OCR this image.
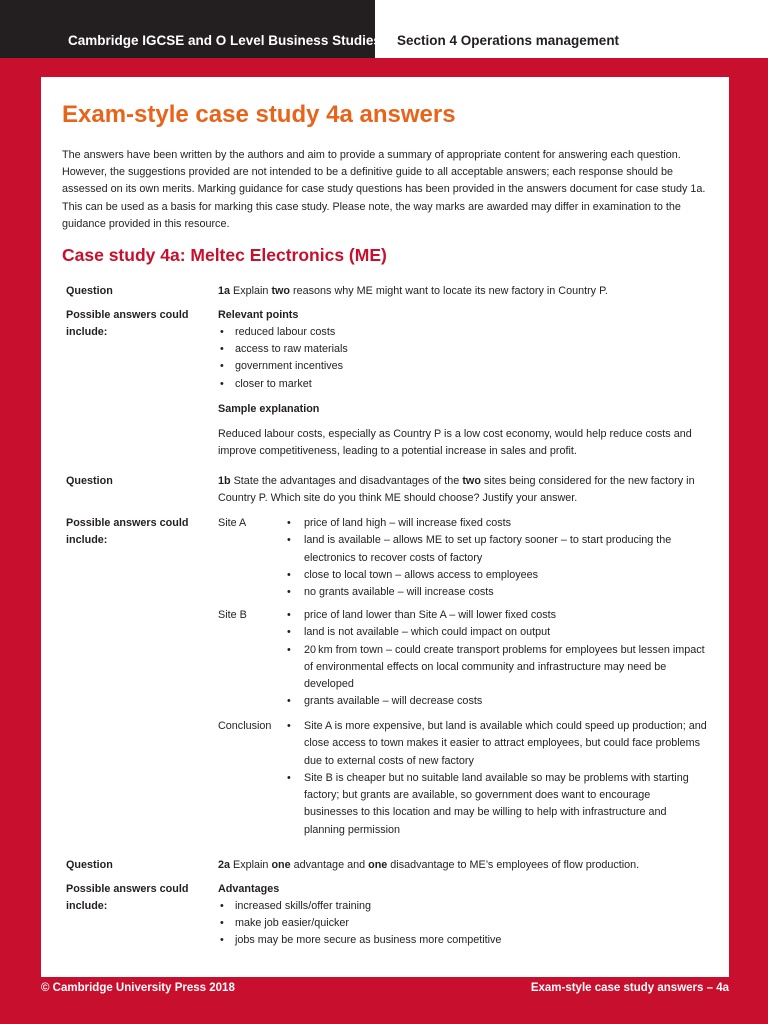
Cambridge IGCSE and O Level Business Studies Section 4 Operations management
Exam-style case study 4a answers

The answers have been written by the authors and aim to provide a summary of appropriate content for answering each question. However, the suggestions provided are not intended to be a definitive guide to all acceptable answers; each response should be assessed on its own merits. Marking guidance for case study questions has been provided in the answers document for case study 1a. This can be used as a basis for marking this case study. Please note, the way marks are awarded may differ in examination to the guidance provided in this resource.

Case study 4a: Meltec Electronics (ME)
Question	1a Explain two reasons why ME might want to locate its new factory in Country P.
Possible answers could include:
Relevant points
• reduced labour costs
• access to raw materials
• government incentives
• closer to market
Sample explanation
Reduced labour costs, especially as Country P is a low cost economy, would help reduce costs and improve competitiveness, leading to a potential increase in sales and profit.
Question	1b State the advantages and disadvantages of the two sites being considered for the new factory in Country P. Which site do you think ME should choose? Justify your answer.
Possible answers could include:
Site A	• price of land high – will increase fixed costs
• land is available – allows ME to set up factory sooner – to start producing the electronics to recover costs of factory
• close to local town – allows access to employees
• no grants available – will increase costs
Site B	• price of land lower than Site A – will lower fixed costs
• land is not available – which could impact on output
• 20 km from town – could create transport problems for employees but lessen impact of environmental effects on local community and infrastructure may need be developed
• grants available – will decrease costs
Conclusion	• Site A is more expensive, but land is available which could speed up production; and close access to town makes it easier to attract employees, but could face problems due to external costs of new factory
• Site B is cheaper but no suitable land available so may be problems with starting factory; but grants are available, so government does want to encourage businesses to this location and may be willing to help with infrastructure and planning permission
Question	2a Explain one advantage and one disadvantage to ME’s employees of flow production.
Possible answers could include:
Advantages
• increased skills/offer training
• make job easier/quicker
• jobs may be more secure as business more competitive
© Cambridge University Press 2018	Exam-style case study answers – 4a
